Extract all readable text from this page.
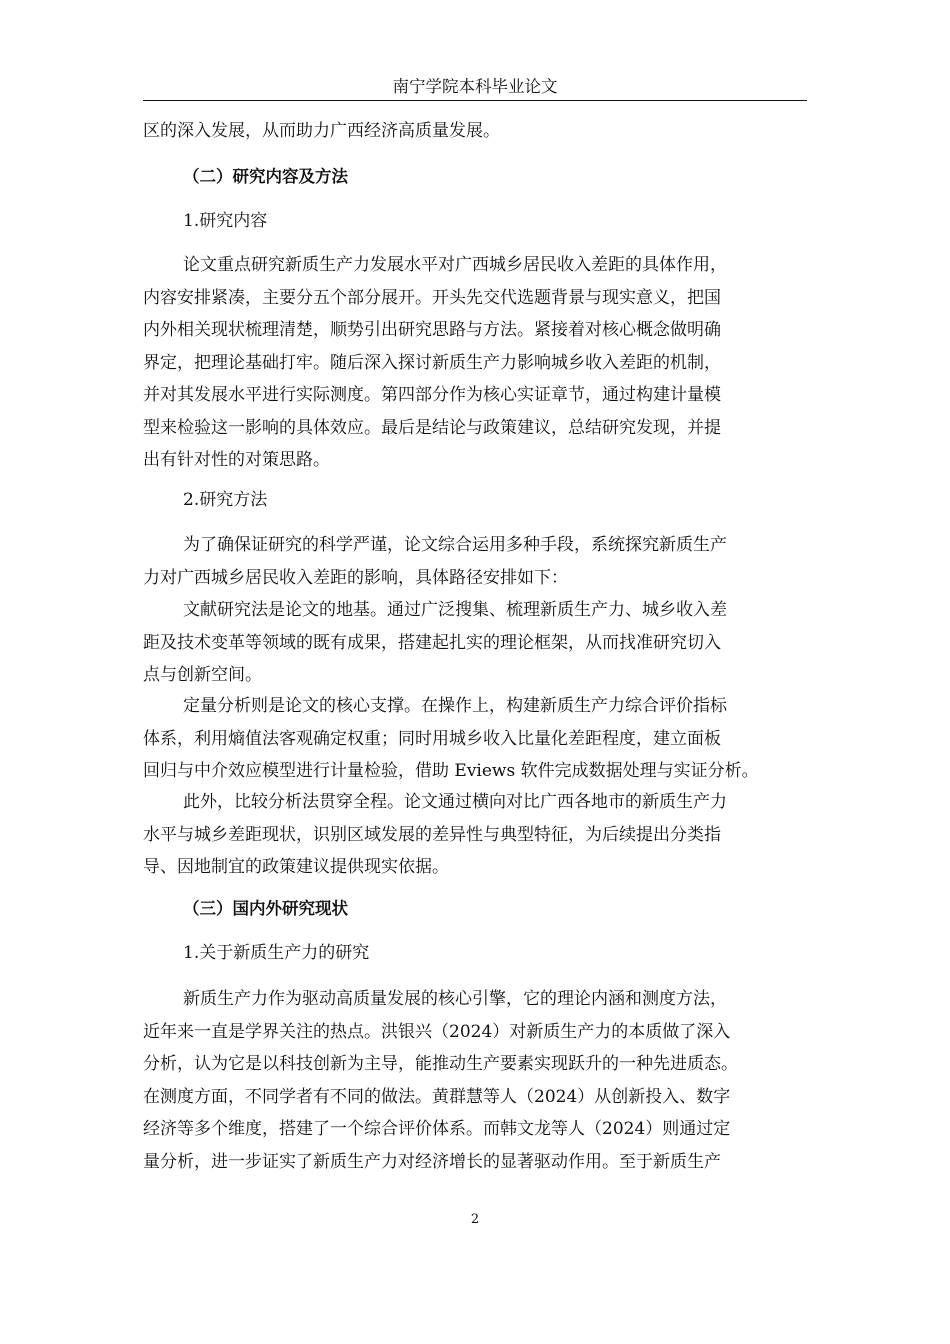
南宁学院本科毕业论文
区的深入发展，从而助力广西经济高质量发展。
（二）研究内容及方法
1.研究内容
论文重点研究新质生产力发展水平对广西城乡居民收入差距的具体作用，
内容安排紧凑，主要分五个部分展开。开头先交代选题背景与现实意义，把国
内外相关现状梳理清楚，顺势引出研究思路与方法。紧接着对核心概念做明确
界定，把理论基础打牢。随后深入探讨新质生产力影响城乡收入差距的机制，
并对其发展水平进行实际测度。第四部分作为核心实证章节，通过构建计量模
型来检验这一影响的具体效应。最后是结论与政策建议，总结研究发现，并提
出有针对性的对策思路。
2.研究方法
为了确保证研究的科学严谨，论文综合运用多种手段，系统探究新质生产
力对广西城乡居民收入差距的影响，具体路径安排如下：
文献研究法是论文的地基。通过广泛搜集、梳理新质生产力、城乡收入差
距及技术变革等领域的既有成果，搭建起扎实的理论框架，从而找准研究切入
点与创新空间。
定量分析则是论文的核心支撑。在操作上，构建新质生产力综合评价指标
体系，利用熵值法客观确定权重；同时用城乡收入比量化差距程度，建立面板
回归与中介效应模型进行计量检验，借助 Eviews 软件完成数据处理与实证分析。
此外，比较分析法贯穿全程。论文通过横向对比广西各地市的新质生产力
水平与城乡差距现状，识别区域发展的差异性与典型特征，为后续提出分类指
导、因地制宜的政策建议提供现实依据。
（三）国内外研究现状
1.关于新质生产力的研究
新质生产力作为驱动高质量发展的核心引擎，它的理论内涵和测度方法，
近年来一直是学界关注的热点。洪银兴（2024）对新质生产力的本质做了深入
分析，认为它是以科技创新为主导，能推动生产要素实现跃升的一种先进质态。
在测度方面，不同学者有不同的做法。黄群慧等人（2024）从创新投入、数字
经济等多个维度，搭建了一个综合评价体系。而韩文龙等人（2024）则通过定
量分析，进一步证实了新质生产力对经济增长的显著驱动作用。至于新质生产
2
